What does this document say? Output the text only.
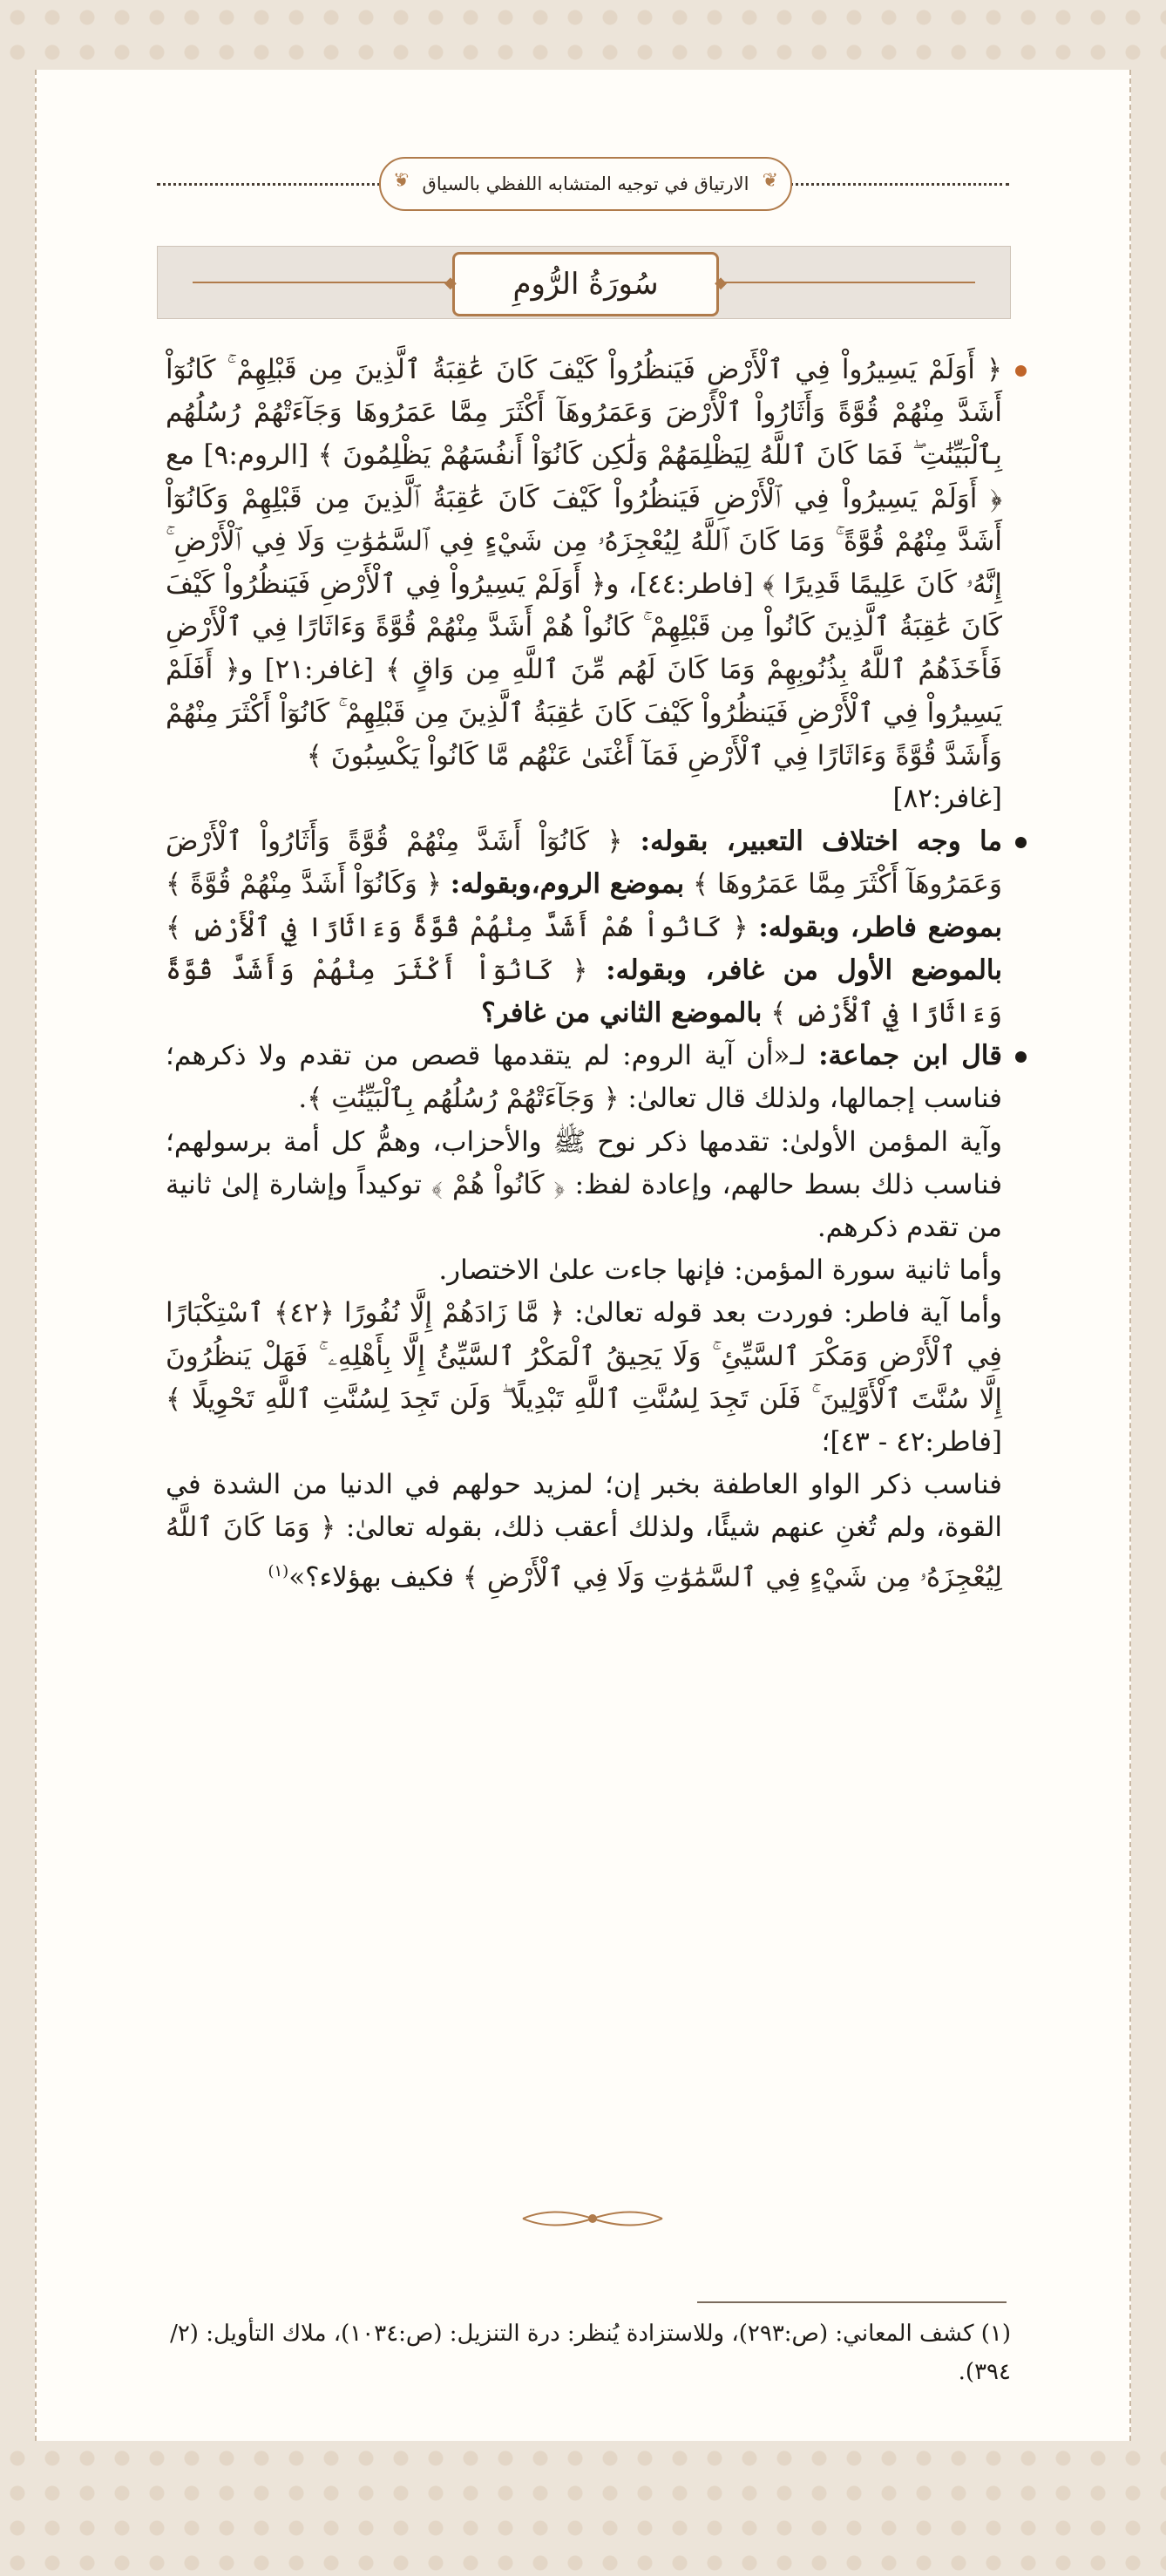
❦ الارتياق في توجيه المتشابه اللفظي بالسياق ❦
◆ سُورَةُ الرُّومِ ◆

﴿ أَوَلَمْ يَسِيرُواْ فِي ٱلْأَرْضِ فَيَنظُرُواْ كَيْفَ كَانَ عَٰقِبَةُ ٱلَّذِينَ مِن قَبْلِهِمْ ۚ كَانُوٓاْ أَشَدَّ مِنْهُمْ قُوَّةً وَأَثَارُواْ ٱلْأَرْضَ وَعَمَرُوهَآ أَكْثَرَ مِمَّا عَمَرُوهَا وَجَآءَتْهُمْ رُسُلُهُم بِٱلْبَيِّنَٰتِ ۖ فَمَا كَانَ ٱللَّهُ لِيَظْلِمَهُمْ وَلَٰكِن كَانُوٓاْ أَنفُسَهُمْ يَظْلِمُونَ ﴾ [الروم:٩] مع ﴿ أَوَلَمْ يَسِيرُواْ فِي ٱلْأَرْضِ فَيَنظُرُواْ كَيْفَ كَانَ عَٰقِبَةُ ٱلَّذِينَ مِن قَبْلِهِمْ وَكَانُوٓاْ أَشَدَّ مِنْهُمْ قُوَّةً ۚ وَمَا كَانَ ٱللَّهُ لِيُعْجِزَهُۥ مِن شَيْءٍ فِي ٱلسَّمَٰوَٰتِ وَلَا فِي ٱلْأَرْضِ ۚ إِنَّهُۥ كَانَ عَلِيمًا قَدِيرًا ﴾ [فاطر:٤٤]، و﴿ أَوَلَمْ يَسِيرُواْ فِي ٱلْأَرْضِ فَيَنظُرُواْ كَيْفَ كَانَ عَٰقِبَةُ ٱلَّذِينَ كَانُواْ مِن قَبْلِهِمْ ۚ كَانُواْ هُمْ أَشَدَّ مِنْهُمْ قُوَّةً وَءَاثَارًا فِي ٱلْأَرْضِ فَأَخَذَهُمُ ٱللَّهُ بِذُنُوبِهِمْ وَمَا كَانَ لَهُم مِّنَ ٱللَّهِ مِن وَاقٍ ﴾ [غافر:٢١] و﴿ أَفَلَمْ يَسِيرُواْ فِي ٱلْأَرْضِ فَيَنظُرُواْ كَيْفَ كَانَ عَٰقِبَةُ ٱلَّذِينَ مِن قَبْلِهِمْ ۚ كَانُوٓاْ أَكْثَرَ مِنْهُمْ وَأَشَدَّ قُوَّةً وَءَاثَارًا فِي ٱلْأَرْضِ فَمَآ أَغْنَىٰ عَنْهُم مَّا كَانُواْ يَكْسِبُونَ ﴾

[غافر:٨٢]

ما وجه اختلاف التعبير، بقوله: ﴿ كَانُوٓاْ أَشَدَّ مِنْهُمْ قُوَّةً وَأَثَارُواْ ٱلْأَرْضَ وَعَمَرُوهَآ أَكْثَرَ مِمَّا عَمَرُوهَا ﴾ بموضع الروم،وبقوله: ﴿ وَكَانُوٓاْ أَشَدَّ مِنْهُمْ قُوَّةً ﴾ بموضع فاطر، وبقوله: ﴿ كَانُواْ هُمْ أَشَدَّ مِنْهُمْ قُوَّةً وَءَاثَارًا فِي ٱلْأَرْضِ ﴾ بالموضع الأول من غافر، وبقوله: ﴿ كَانُوٓاْ أَكْثَرَ مِنْهُمْ وَأَشَدَّ قُوَّةً وَءَاثَارًا فِي ٱلْأَرْضِ ﴾ بالموضع الثاني من غافر؟

قال ابن جماعة: لـ«أن آية الروم: لم يتقدمها قصص من تقدم ولا ذكرهم؛ فناسب إجمالها، ولذلك قال تعالىٰ: ﴿ وَجَآءَتْهُمْ رُسُلُهُم بِٱلْبَيِّنَٰتِ ﴾.

وآية المؤمن الأولىٰ: تقدمها ذكر نوح ﷺ والأحزاب، وهمُّ كل أمة برسولهم؛ فناسب ذلك بسط حالهم، وإعادة لفظ: ﴿ كَانُواْ هُمْ ﴾ توكيداً وإشارة إلىٰ ثانية من تقدم ذكرهم.

وأما ثانية سورة المؤمن: فإنها جاءت علىٰ الاختصار.

وأما آية فاطر: فوردت بعد قوله تعالىٰ: ﴿ مَّا زَادَهُمْ إِلَّا نُفُورًا ﴿٤٢﴾ ٱسْتِكْبَارًا فِي ٱلْأَرْضِ وَمَكْرَ ٱلسَّيِّئِ ۚ وَلَا يَحِيقُ ٱلْمَكْرُ ٱلسَّيِّئُ إِلَّا بِأَهْلِهِۦ ۚ فَهَلْ يَنظُرُونَ إِلَّا سُنَّتَ ٱلْأَوَّلِينَ ۚ فَلَن تَجِدَ لِسُنَّتِ ٱللَّهِ تَبْدِيلًا ۖ وَلَن تَجِدَ لِسُنَّتِ ٱللَّهِ تَحْوِيلًا ﴾ [فاطر:٤٢ - ٤٣]؛

فناسب ذكر الواو العاطفة بخبر إن؛ لمزيد حولهم في الدنيا من الشدة في القوة، ولم تُغنِ عنهم شيئًا، ولذلك أعقب ذلك، بقوله تعالىٰ: ﴿ وَمَا كَانَ ٱللَّهُ لِيُعْجِزَهُۥ مِن شَيْءٍ فِي ٱلسَّمَٰوَٰتِ وَلَا فِي ٱلْأَرْضِ ﴾ فكيف بهؤلاء؟»$^{(١)}$

(١) كشف المعاني: (ص:٢٩٣)، وللاستزادة يُنظر: درة التنزيل: (ص:١٠٣٤)، ملاك التأويل: (٢/ ٣٩٤).
